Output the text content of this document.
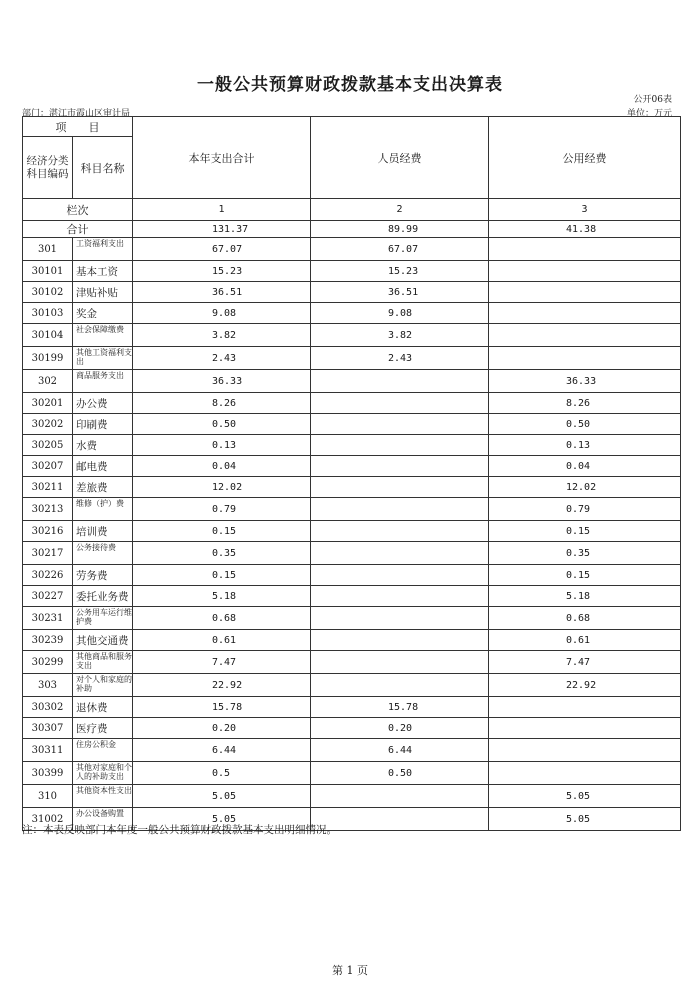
一般公共预算财政拨款基本支出决算表
公开06表
部门：湛江市霞山区审计局	单位：万元
项　　目		本年支出合计	人员经费	公用经费
经济分类科目编码	科目名称			
栏次		1	2	3
合计		131.37	89.99	41.38
301	工资福利支出	67.07	67.07	
30101	基本工资	15.23	15.23	
30102	津贴补贴	36.51	36.51	
30103	奖金	9.08	9.08	
30104	社会保障缴费	3.82	3.82	
30199	其他工资福利支出	2.43	2.43	
302	商品服务支出	36.33		36.33
30201	办公费	8.26		8.26
30202	印刷费	0.50		0.50
30205	水费	0.13		0.13
30207	邮电费	0.04		0.04
30211	差旅费	12.02		12.02
30213	维修（护）费	0.79		0.79
30216	培训费	0.15		0.15
30217	公务接待费	0.35		0.35
30226	劳务费	0.15		0.15
30227	委托业务费	5.18		5.18
30231	公务用车运行维护费	0.68		0.68
30239	其他交通费	0.61		0.61
30299	其他商品和服务支出	7.47		7.47
303	对个人和家庭的补助	22.92		22.92
30302	退休费	15.78	15.78	
30307	医疗费	0.20	0.20	
30311	住房公积金	6.44	6.44	
30399	其他对家庭和个人的补助支出	0.5	0.50	
310	其他资本性支出	5.05		5.05
31002	办公设备购置	5.05		5.05
注：本表反映部门本年度一般公共预算财政拨款基本支出明细情况。
第 1 页
